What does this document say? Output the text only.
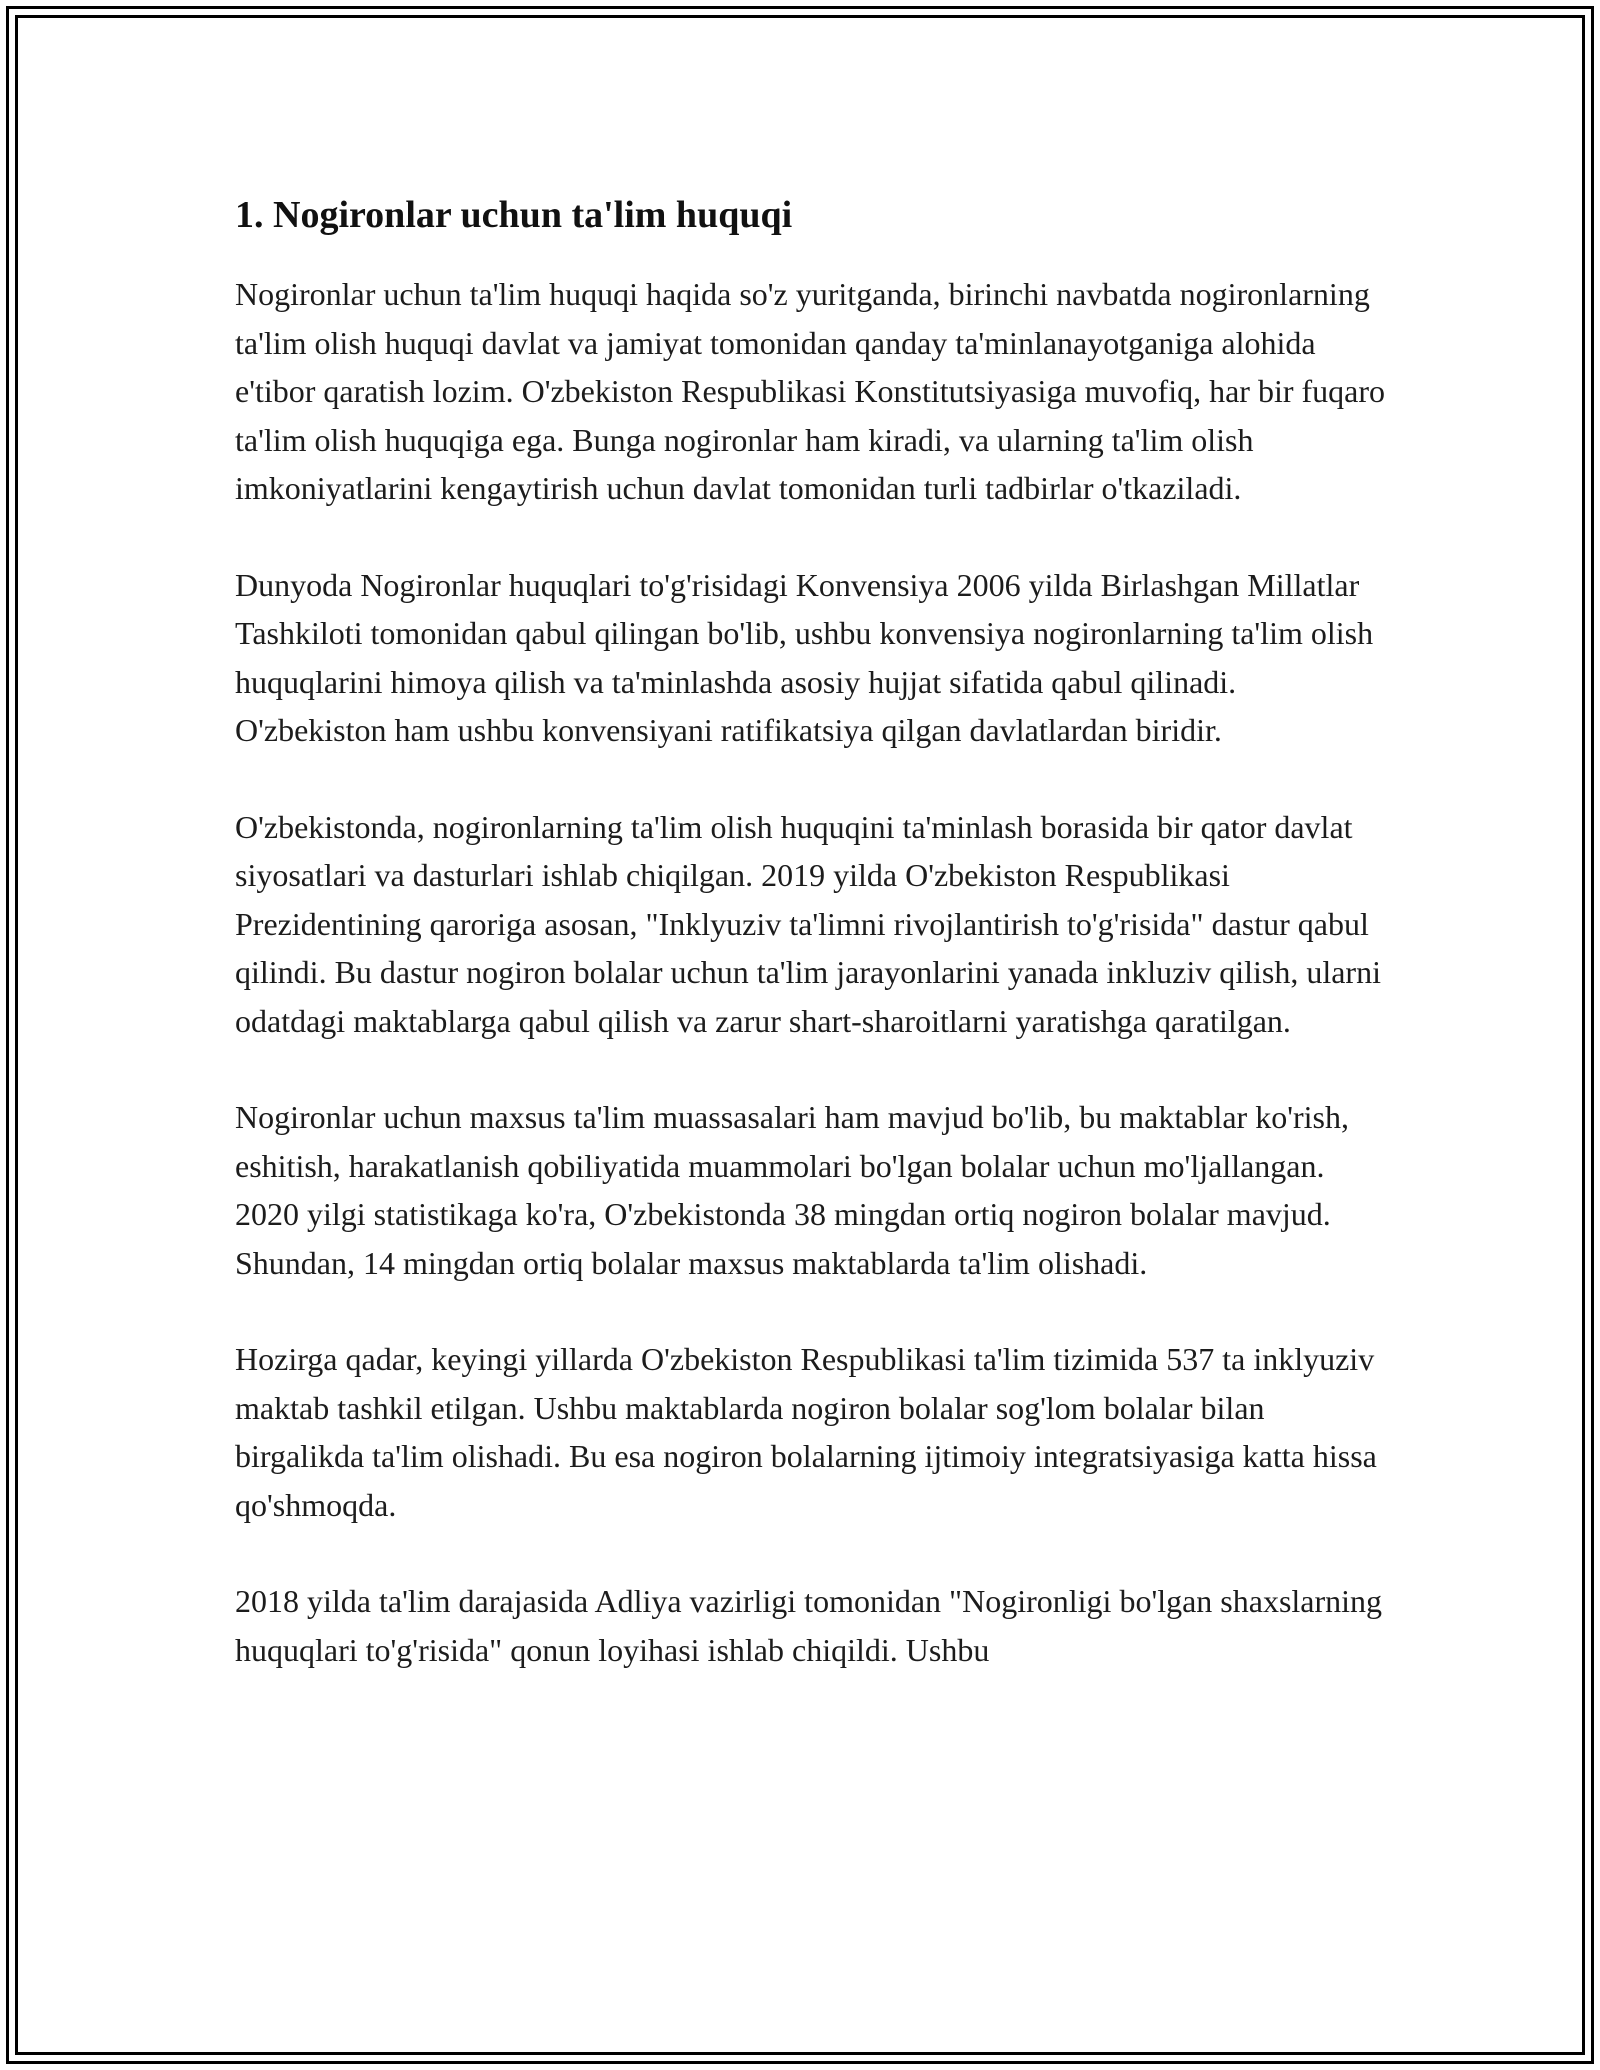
1. Nogironlar uchun ta'lim huquqi

Nogironlar uchun ta'lim huquqi haqida so'z yuritganda, birinchi navbatda nogironlarning ta'lim olish huquqi davlat va jamiyat tomonidan qanday ta'minlanayotganiga alohida e'tibor qaratish lozim. O'zbekiston Respublikasi Konstitutsiyasiga muvofiq, har bir fuqaro ta'lim olish huquqiga ega. Bunga nogironlar ham kiradi, va ularning ta'lim olish imkoniyatlarini kengaytirish uchun davlat tomonidan turli tadbirlar o'tkaziladi.

Dunyoda Nogironlar huquqlari to'g'risidagi Konvensiya 2006 yilda Birlashgan Millatlar Tashkiloti tomonidan qabul qilingan bo'lib, ushbu konvensiya nogironlarning ta'lim olish huquqlarini himoya qilish va ta'minlashda asosiy hujjat sifatida qabul qilinadi. O'zbekiston ham ushbu konvensiyani ratifikatsiya qilgan davlatlardan biridir.

O'zbekistonda, nogironlarning ta'lim olish huquqini ta'minlash borasida bir qator davlat siyosatlari va dasturlari ishlab chiqilgan. 2019 yilda O'zbekiston Respublikasi Prezidentining qaroriga asosan, "Inklyuziv ta'limni rivojlantirish to'g'risida" dastur qabul qilindi. Bu dastur nogiron bolalar uchun ta'lim jarayonlarini yanada inkluziv qilish, ularni odatdagi maktablarga qabul qilish va zarur shart-sharoitlarni yaratishga qaratilgan.

Nogironlar uchun maxsus ta'lim muassasalari ham mavjud bo'lib, bu maktablar ko'rish, eshitish, harakatlanish qobiliyatida muammolari bo'lgan bolalar uchun mo'ljallangan. 2020 yilgi statistikaga ko'ra, O'zbekistonda 38 mingdan ortiq nogiron bolalar mavjud. Shundan, 14 mingdan ortiq bolalar maxsus maktablarda ta'lim olishadi.

Hozirga qadar, keyingi yillarda O'zbekiston Respublikasi ta'lim tizimida 537 ta inklyuziv maktab tashkil etilgan. Ushbu maktablarda nogiron bolalar sog'lom bolalar bilan birgalikda ta'lim olishadi. Bu esa nogiron bolalarning ijtimoiy integratsiyasiga katta hissa qo'shmoqda.

2018 yilda ta'lim darajasida Adliya vazirligi tomonidan "Nogironligi bo'lgan shaxslarning huquqlari to'g'risida" qonun loyihasi ishlab chiqildi. Ushbu
